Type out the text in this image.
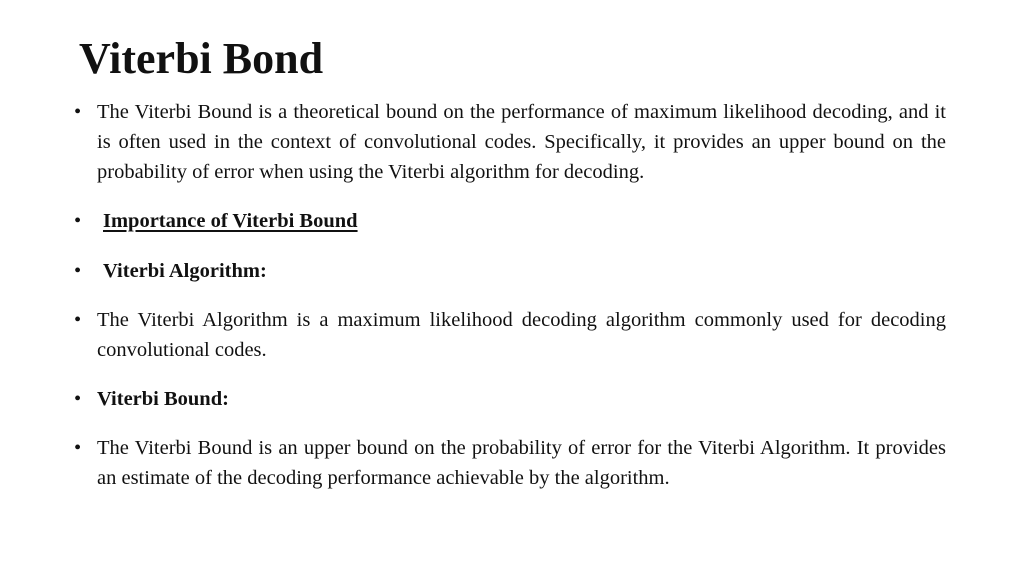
Viterbi Bond
• The Viterbi Bound is a theoretical bound on the performance of maximum likelihood decoding, and it is often used in the context of convolutional codes. Specifically, it provides an upper bound on the probability of error when using the Viterbi algorithm for decoding.
• Importance of Viterbi Bound
• Viterbi Algorithm:
• The Viterbi Algorithm is a maximum likelihood decoding algorithm commonly used for decoding convolutional codes.
• Viterbi Bound:
• The Viterbi Bound is an upper bound on the probability of error for the Viterbi Algorithm. It provides an estimate of the decoding performance achievable by the algorithm.
